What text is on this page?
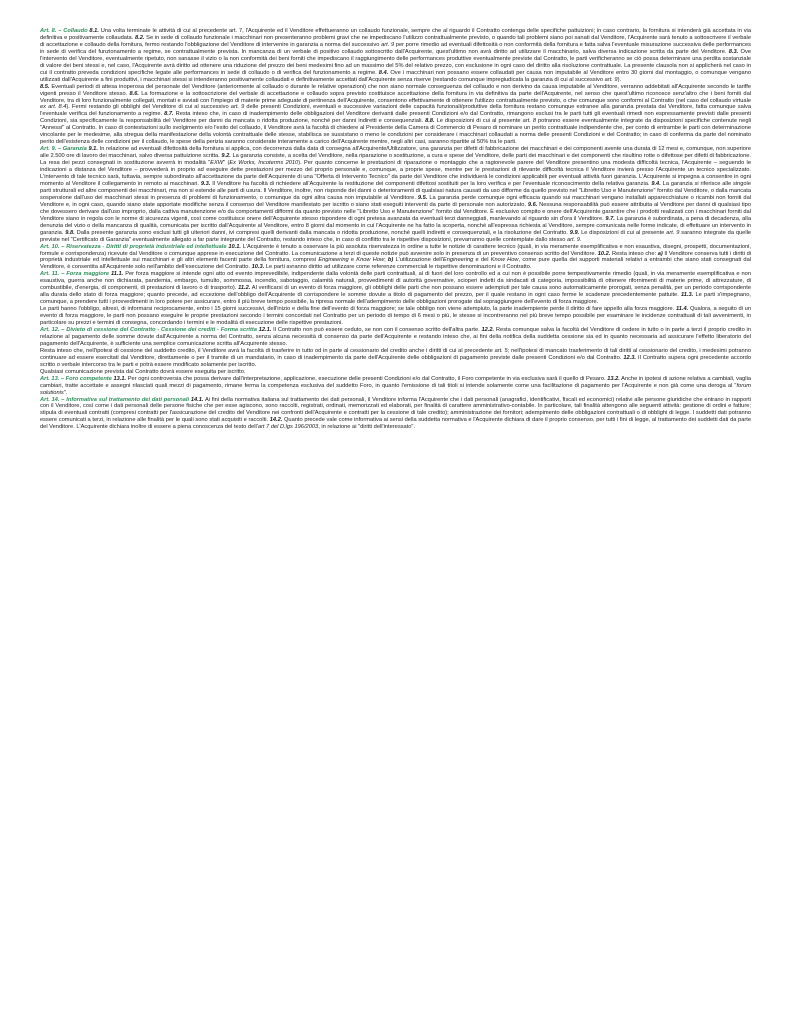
Art. 8. – Collaudo 8.1. Una volta terminate le attività di cui al precedente art. 7, l'Acquirente ed il Venditore effettueranno un collaudo funzionale, sempre che al riguardo il Contratto contenga delle specifiche pattuizioni; in caso contrario, la fornitura si intenderà già accettata in via definitiva e positivamente collaudata. 8.2. Se in sede di collaudo funzionale i macchinari non presenteranno problemi gravi che ne impediscano l'utilizzo contrattualmente previsto, o quando tali problemi siano poi sanati dal Venditore, l'Acquirente sarà tenuto a sottoscrivere il verbale di accettazione e collaudo della fornitura, fermo restando l'obbligazione del Venditore di intervenire in garanzia a norma del successivo art. 9 per porre rimedio ad eventuali difettosità o non conformità della fornitura e fatta salva l'eventuale misurazione successiva delle performances in sede di verifica del funzionamento a regime, se contrattualmente prevista. In mancanza di un verbale di positivo collaudo sottoscritto dall'Acquirente, quest'ultimo non avrà diritto ad utilizzare il macchinario, salva diversa indicazione scritta da parte del Venditore. 8.3. Ove l'intervento del Venditore, eventualmente ripetuto, non sanasse il vizio o la non conformità dei beni forniti che impediscano il raggiungimento delle performances produttive eventualmente previste dal Contratto, le parti verificheranno se ciò possa determinare una perdita sostanziale di valore dei beni stessi e, nel caso, l'Acquirente avrà diritto ad ottenere una riduzione del prezzo dei beni medesimi fino ad un massimo del 5% del relativo prezzo, con esclusione in ogni caso del diritto alla risoluzione contrattuale. La presente clausola non si applicherà nel caso in cui il contratto preveda condizioni specifiche legate alle performances in sede di collaudo o di verifica del funzionamento a regime. 8.4. Ove i macchinari non possano essere collaudati per causa non imputabile al Venditore entro 30 giorni dal montaggio, o comunque vengano utilizzati dall'Acquirente a fini produttivi, i macchinari stessi si intenderanno positivamente collaudati e definitivamente accettati dall'Acquirente senza riserve (restando comunque impregiudicata la garanzia di cui al successivo art. 9).

8.5. Eventuali periodi di attesa inoperosa del personale del Venditore (anteriormente al collaudo o durante le relative operazioni) che non siano normale conseguenza del collaudo e non derivino da causa imputabile al Venditore, verranno addebitati all'Acquirente secondo le tariffe vigenti presso il Venditore stesso. 8.6. La formazione e la sottoscrizione del verbale di accettazione e collaudo sopra previsto costituisce accettazione della fornitura in via definitiva da parte dell'Acquirente, nel senso che quest'ultimo riconosce senz'altro che i beni forniti dal Venditore, tra di loro funzionalmente collegati, montati e avviati con l'impiego di materie prime adeguate di pertinenza dell'Acquirente, consentono effettivamente di ottenere l'utilizzo contrattualmente previsto, o che comunque sono conformi al Contratto (nel caso del collaudo virtuale ex art. 8.4). Fermi restando gli obblighi del Venditore di cui al successivo art. 9 delle presenti Condizioni, eventuali e successive variazioni delle capacità funzionali/produttive della fornitura restano comunque estranee alla garanzia prestata dal Venditore, fatta comunque salva l'eventuale verifica del funzionamento a regime. 8.7. Resta inteso che, in caso di inadempimento delle obbligazioni del Venditore derivanti dalle presenti Condizioni e/o dal Contratto, rimangono esclusi tra le parti tutti gli eventuali rimedi non espressamente previsti dalle presenti Condizioni, sia specificamente la responsabilità del Venditore per danni da mancata o ridotta produzione, nonché per danni indiretti e consequenziali. 8.8. Le disposizioni di cui al presente art. 8 potranno essere eventualmente integrate da disposizioni specifiche contenute negli "Annessi" al Contratto. In caso di contestazioni sullo svolgimento e/o l'esito del collaudo, il Venditore avrà la facoltà di chiedere al Presidente della Camera di Commercio di Pesaro di nominare un perito contrattuale indipendente che, per conto di entrambe le parti con determinazione vincolante per le medesime, alla stregua della manifestazione della volontà contrattuale delle stesse, stabilisca se sussistano o meno le condizioni per considerare i macchinari collaudati a norma delle presenti Condizioni e del Contratto; in caso di conferma da parte del nominato perito dell'esistenza delle condizioni per il collaudo, le spese della perizia saranno considerate interamente a carico dell'Acquirente mentre, negli altri casi, saranno ripartite al 50% tra le parti.

Art. 9. – Garanzia 9.1. In relazione ad eventuali difettosità della fornitura si applica, con decorrenza dalla data di consegna all'Acquirente/Utilizzatore, una garanzia per difetti di fabbricazione dei macchinari e dei componenti avente una durata di 12 mesi e, comunque, non superiore alle 2.500 ore di lavoro dei macchinari, salvo diversa pattuizione scritta. 9.2. La garanzia consiste, a scelta del Venditore, nella riparazione o sostituzione, a cura e spese del Venditore, delle parti dei macchinari e dei componenti che risultino rotte o difettose per difetti di fabbricazione. La resa dei pezzi consegnati in sostituzione avverrà in modalità "EXW" (Ex Works, Incoterms 2010). Per quanto concerne le prestazioni di riparazione o montaggio che a ragionevole parere del Venditore presentino una modesta difficoltà tecnica, l'Acquirente – seguendo le indicazioni a distanza del Venditore – provvederà in proprio ad eseguire dette prestazioni per mezzo del proprio personale e, comunque, a proprie spese, mentre per le prestazioni di rilevante difficoltà tecnica il Venditore invierà presso l'Acquirente un tecnico specializzato. L'intervento di tale tecnico sarà, tuttavia, sempre subordinato all'accettazione da parte dell'Acquirente di una "Offerta di Intervento Tecnico" da parte del Venditore che individuerà le condizioni applicabili per eventuali attività fuori garanzia. L'Acquirente si impegna a consentire in ogni momento al Venditore il collegamento in remoto ai macchinari. 9.3. Il Venditore ha facoltà di richiedere all'Acquirente la restituzione dei componenti difettosi sostituiti per la loro verifica e per l'eventuale riconoscimento della relativa garanzia. 9.4. La garanzia si riferisce alle singole parti strutturali ed altre componenti dei macchinari, ma non si estende alle parti di usura. Il Venditore, inoltre, non risponde dei danni o deterioramenti di qualsiasi natura causati da uso difforme da quello previsto nel "Libretto Uso e Manutenzione" fornito dal Venditore, o dalla mancata sospensione dall'uso dei macchinari stessi in presenza di problemi di funzionamento, o comunque da ogni altra causa non imputabile al Venditore. 9.5. La garanzia perde comunque ogni efficacia quando sui macchinari vengano installati apparecchiature o ricambi non forniti dal Venditore e, in ogni caso, quando siano state apportate modifiche senza il consenso del Venditore manifestato per iscritto o siano stati eseguiti interventi da parte di personale non autorizzato. 9.6. Nessuna responsabilità può essere attribuita al Venditore per danni di qualsiasi tipo che dovessero derivare dall'uso improprio, dalla cattiva manutenzione e/o da comportamenti difformi da quanto previsto nelle "Libretto Uso e Manutenzione" fornito dal Venditore. È esclusivo compito e onere dell'Acquirente garantire che i prodotti realizzati con i macchinari forniti dal Venditore siano in regola con le norme di sicurezza vigenti, così come costituisce onere dell'Acquirente stesso rispondere di ogni pretesa avanzata da eventuali terzi danneggiati, manlevando al riguardo sin d'ora il Venditore. 9.7. La garanzia è subordinata, a pena di decadenza, alla denunzia del vizio o della mancanza di qualità, comunicata per iscritto dall'Acquirente al Venditore, entro 8 giorni dal momento in cui l'Acquirente ne ha fatto la scoperta, nonché all'espressa richiesta al Venditore, sempre comunicata nelle forme indicate, di effettuare un intervento in garanzia. 9.8. Dalla presente garanzia sono esclusi tutti gli ulteriori danni, ivi compresi quelli derivanti dalla mancata o ridotta produzione, nonché quelli indiretti e consequenziali, e la risoluzione del Contratto. 9.9. Le disposizioni di cui al presente art. 9 saranno integrate da quelle previste nel "Certificato di Garanzia" eventualmente allegato a far parte integrante del Contratto, restando inteso che, in caso di conflitto tra le rispettive disposizioni, prevarranno quelle contemplate dallo stesso art. 9.

Art. 10. – Riservatezza - Diritti di proprietà industriale ed intellettuale 10.1. L'Acquirente è tenuto a osservare la più assoluta riservatezza in ordine a tutte le notizie di carattere tecnico (quali, in via meramente esemplificativa e non esaustiva, disegni, prospetti, documentazioni, formule e corrispondenza) ricevute dal Venditore o comunque apprese in esecuzione del Contratto. La comunicazione a terzi di queste notizie può avvenire solo in presenza di un preventivo consenso scritto del Venditore. 10.2. Resta inteso che: a) Il Venditore conserva tutti i diritti di proprietà industriale ed intellettuale sui macchinari e gli altri elementi facenti parte della fornitura, compresi Engineering e Know How; b) L'utilizzazione dell'Engineering e del Know How, come pure quella dei supporti materiali relativi a entrambi che siano stati consegnati dal Venditore, è consentita all'Acquirente solo nell'ambito dell'esecuzione del Contratto. 10.3. Le parti avranno diritto ad utilizzare come referenze commerciali le rispettive denominazioni e il Contratto.

Art. 11. – Forza maggiore 11.1. Per forza maggiore si intende ogni atto od evento imprevedibile, indipendente dalla volontà delle parti contrattuali, al di fuori del loro controllo ed a cui non è possibile porre tempestivamente rimedio (quali, in via meramente esemplificativa e non esaustiva, guerra anche non dichiarata, pandemia, embargo, tumulto, sommossa, incendio, sabotaggio, calamità naturali, provvedimenti di autorità governative, scioperi indetti da sindacati di categoria, impossibilità di ottenere rifornimenti di materie prime, di attrezzature, di combustibile, d'energia, di componenti, di prestazioni di lavoro o di trasporto). 11.2. Al verificarsi di un evento di forza maggiore, gli obblighi delle parti che non possano essere adempiuti per tale causa sono automaticamente prorogati, senza penalità, per un periodo corrispondente alla durata dello stato di forza maggiore; quanto precede, ad eccezione dell'obbligo dell'Acquirente di corrispondere le somme dovute a titolo di pagamento del prezzo, per il quale restano in ogni caso ferme le scadenze precedentemente pattuite. 11.3. Le parti s'impegnano, comunque, a prendere tutti i provvedimenti in loro potere per assicurare, entro il più breve tempo possibile, la ripresa normale dell'adempimento delle obbligazioni prorogate dal sopraggiungere dell'evento di forza maggiore.

Le parti hanno l'obbligo, altresì, di informarsi reciprocamente, entro i 15 giorni successivi, dell'inizio e della fine dell'evento di forza maggiore; se tale obbligo non viene adempiuto, la parte inadempiente perde il diritto di fare appello alla forza maggiore. 11.4. Qualora, a seguito di un evento di forza maggiore, le parti non possano eseguire le proprie prestazioni secondo i termini concordati nel Contratto per un periodo di tempo di 6 mesi o più, le stesse si incontreranno nel più breve tempo possibile per esaminare le incidenze contrattuali di tali avvenimenti, in particolare su prezzi e termini di consegna, concordando i termini e le modalità di esecuzione delle rispettive prestazioni.

Art. 12. – Divieto di cessione del Contratto - Cessione dei crediti - Forma scritta 12.1. Il Contratto non può essere ceduto, se non con il consenso scritto dell'altra parte. 12.2. Resta comunque salva la facoltà del Venditore di cedere in tutto o in parte a terzi il proprio credito in relazione al pagamento delle somme dovute dall'Acquirente a norma del Contratto, senza alcuna necessità di consenso da parte dell'Acquirente e restando inteso che, ai fini della notifica della suddetta cessione sia ed in quanto necessaria ad assicurare l'effetto liberatorio del pagamento dell'Acquirente, è sufficiente una semplice comunicazione scritta all'Acquirente stesso.

Resta inteso che, nell'ipotesi di cessione del suddetto credito, il Venditore avrà la facoltà di trasferire in tutto od in parte al cessionario del credito anche i diritti di cui al precedente art. 5; nell'ipotesi di mancato trasferimento di tali diritti al cessionario del credito, i medesimi potranno continuare ad essere esercitati dal Venditore, direttamente o per il tramite di un mandatario, in caso di inadempimento da parte dell'Acquirente delle obbligazioni di pagamento previste dalle presenti Condizioni e/o dal Contratto. 12.3. Il Contratto supera ogni precedente accordo scritto o verbale intercorso tra le parti e potrà essere modificato solamente per iscritto.

Qualsiasi comunicazione prevista dal Contratto dovrà essere eseguita per iscritto.

Art. 13. – Foro competente 13.1. Per ogni controversia che possa derivare dall'interpretazione, applicazione, esecuzione delle presenti Condizioni e/o dal Contratto, il Foro competente in via esclusiva sarà il quello di Pesaro. 13.2. Anche in ipotesi di azione relativa a cambiali, vaglia cambiari, tratte accettate e assegni rilasciati quali mezzi di pagamento, rimane ferma la competenza esclusiva del suddetto Foro, in quanto l'emissione di tali titoli si intende solamente come una facilitazione di pagamento per l'Acquirente e non già come una deroga al "forum solutionis".

Art. 14. – Informativa sul trattamento dei dati personali 14.1. Ai fini della normativa italiana sul trattamento dei dati personali, il Venditore informa l'Acquirente che i dati personali (anagrafici, identificativi, fiscali ed economici) relativi alle persone giuridiche che entrano in rapporti con il Venditore, così come i dati personali delle persone fisiche che per esse agiscono, sono raccolti, registrati, ordinati, memorizzati ed elaborati, per finalità di carattere amministrativo-contabile. In particolare, tali finalità attengono alle seguenti attività: gestione di ordini e fatture; stipula di eventuali contratti (compresi contratti per l'assicurazione del credito del Venditore nei confronti dell'Acquirente e contratti per la cessione di tale credito); amministrazione dei fornitori; adempimento delle obbligazioni contrattuali o di obblighi di legge. I suddetti dati potranno essere comunicati a terzi, in relazione alle finalità per le quali sono stati acquisiti e raccolti. 14.2. Quanto precede vale come informativa ai sensi della suddetta normativa e l'Acquirente dichiara di dare il proprio consenso, per tutti i fini di legge, al trattamento dei suddetti dati da parte del Venditore. L'Acquirente dichiara inoltre di essere a piena conoscenza del testo dell'art 7 del D.lgs 196/2003, in relazione ai "diritti dell'interessato".
